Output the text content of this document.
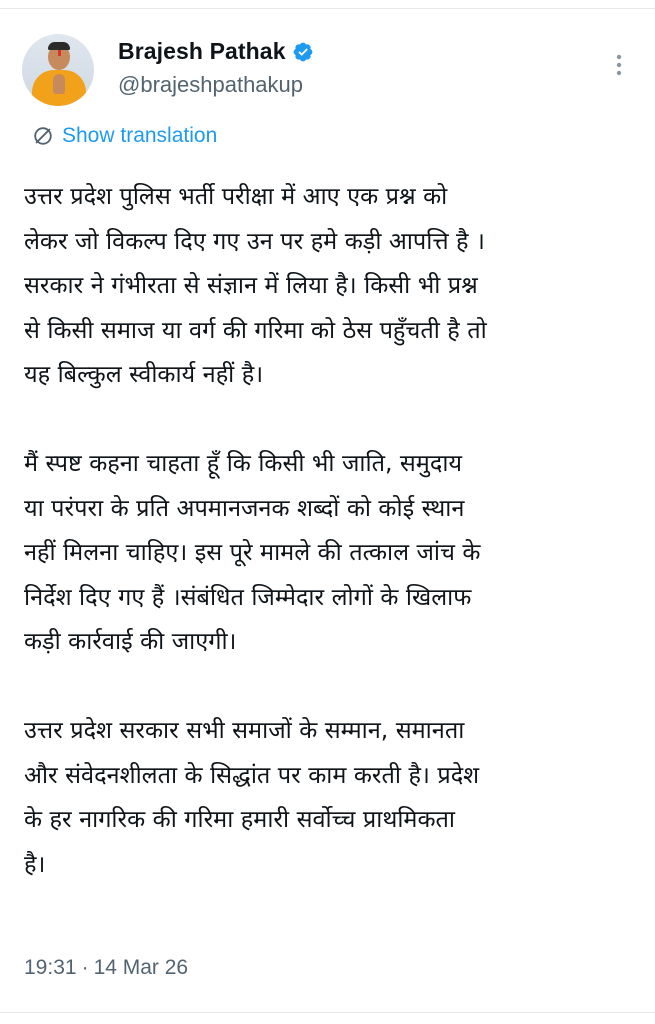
Brajesh Pathak
@brajeshpathakup
Show translation

उत्तर प्रदेश पुलिस भर्ती परीक्षा में आए एक प्रश्न को
लेकर जो विकल्प दिए गए उन पर हमे कड़ी आपत्ति है ।
सरकार ने गंभीरता से संज्ञान में लिया है। किसी भी प्रश्न
से किसी समाज या वर्ग की गरिमा को ठेस पहुँचती है तो
यह बिल्कुल स्वीकार्य नहीं है।

मैं स्पष्ट कहना चाहता हूँ कि किसी भी जाति, समुदाय
या परंपरा के प्रति अपमानजनक शब्दों को कोई स्थान
नहीं मिलना चाहिए। इस पूरे मामले की तत्काल जांच के
निर्देश दिए गए हैं ।संबंधित जिम्मेदार लोगों के खिलाफ
कड़ी कार्रवाई की जाएगी।

उत्तर प्रदेश सरकार सभी समाजों के सम्मान, समानता
और संवेदनशीलता के सिद्धांत पर काम करती है। प्रदेश
के हर नागरिक की गरिमा हमारी सर्वोच्च प्राथमिकता
है।

19:31 · 14 Mar 26
